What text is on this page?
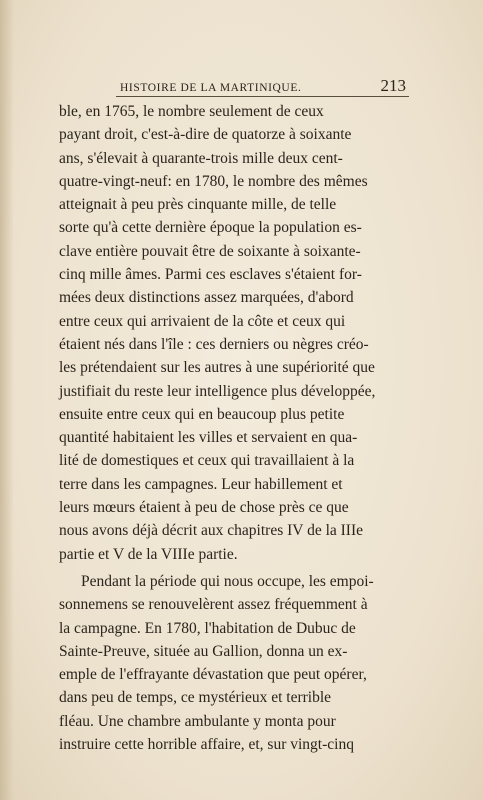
HISTOIRE DE LA MARTINIQUE.	213
ble, en 1765, le nombre seulement de ceux
payant droit, c'est-à-dire de quatorze à soixante
ans, s'élevait à quarante-trois mille deux cent-
quatre-vingt-neuf: en 1780, le nombre des mêmes
atteignait à peu près cinquante mille, de telle
sorte qu'à cette dernière époque la population es-
clave entière pouvait être de soixante à soixante-
cinq mille âmes. Parmi ces esclaves s'étaient for-
mées deux distinctions assez marquées, d'abord
entre ceux qui arrivaient de la côte et ceux qui
étaient nés dans l'île : ces derniers ou nègres créo-
les prétendaient sur les autres à une supériorité que
justifiait du reste leur intelligence plus développée,
ensuite entre ceux qui en beaucoup plus petite
quantité habitaient les villes et servaient en qua-
lité de domestiques et ceux qui travaillaient à la
terre dans les campagnes. Leur habillement et
leurs mœurs étaient à peu de chose près ce que
nous avons déjà décrit aux chapitres IV de la IIIe
partie et V de la VIIIe partie.
Pendant la période qui nous occupe, les empoi-
sonnemens se renouvelèrent assez fréquemment à
la campagne. En 1780, l'habitation de Dubuc de
Sainte-Preuve, située au Gallion, donna un ex-
emple de l'effrayante dévastation que peut opérer,
dans peu de temps, ce mystérieux et terrible
fléau. Une chambre ambulante y monta pour
instruire cette horrible affaire, et, sur vingt-cinq
